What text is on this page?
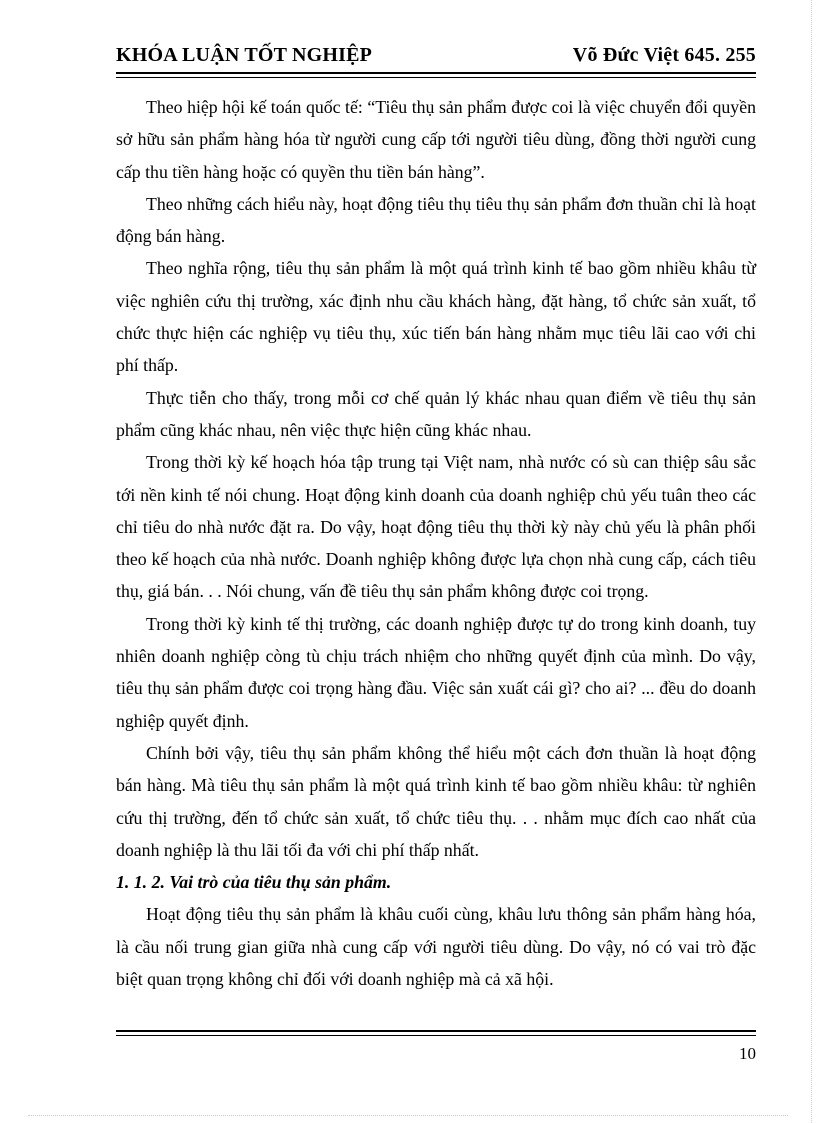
KHÓA LUẬN TỐT NGHIỆP	Võ Đức Việt 645. 255

Theo hiệp hội kế toán quốc tế: “Tiêu thụ sản phẩm được coi là việc chuyển đổi quyền sở hữu sản phẩm hàng hóa từ người cung cấp tới người tiêu dùng, đồng thời người cung cấp thu tiền hàng hoặc có quyền thu tiền bán hàng”.

Theo những cách hiểu này, hoạt động tiêu thụ tiêu thụ sản phẩm đơn thuần chỉ là hoạt động bán hàng.

Theo nghĩa rộng, tiêu thụ sản phẩm là một quá trình kinh tế bao gồm nhiều khâu từ việc nghiên cứu thị trường, xác định nhu cầu khách hàng, đặt hàng, tổ chức sản xuất, tổ chức thực hiện các nghiệp vụ tiêu thụ, xúc tiến bán hàng nhằm mục tiêu lãi cao với chi phí thấp.

Thực tiễn cho thấy, trong mỗi cơ chế quản lý khác nhau quan điểm về tiêu thụ sản phẩm cũng khác nhau, nên việc thực hiện cũng khác nhau.

Trong thời kỳ kế hoạch hóa tập trung tại Việt nam, nhà nước có sù can thiệp sâu sắc tới nền kinh tế nói chung. Hoạt động kinh doanh của doanh nghiệp chủ yếu tuân theo các chỉ tiêu do nhà nước đặt ra. Do vậy, hoạt động tiêu thụ thời kỳ này chủ yếu là phân phối theo kế hoạch của nhà nước. Doanh nghiệp không được lựa chọn nhà cung cấp, cách tiêu thụ, giá bán. . . Nói chung, vấn đề tiêu thụ sản phẩm không được coi trọng.

Trong thời kỳ kinh tế thị trường, các doanh nghiệp được tự do trong kinh doanh, tuy nhiên doanh nghiệp còng tù chịu trách nhiệm cho những quyết định của mình. Do vậy, tiêu thụ sản phẩm được coi trọng hàng đầu. Việc sản xuất cái gì? cho ai? ... đều do doanh nghiệp quyết định.

Chính bởi vậy, tiêu thụ sản phẩm không thể hiểu một cách đơn thuần là hoạt động bán hàng. Mà tiêu thụ sản phẩm là một quá trình kinh tế bao gồm nhiều khâu: từ nghiên cứu thị trường, đến tổ chức sản xuất, tổ chức tiêu thụ. . . nhằm mục đích cao nhất của doanh nghiệp là thu lãi tối đa với chi phí thấp nhất.

1. 1. 2. Vai trò của tiêu thụ sản phẩm.

Hoạt động tiêu thụ sản phẩm là khâu cuối cùng, khâu lưu thông sản phẩm hàng hóa, là cầu nối trung gian giữa nhà cung cấp với người tiêu dùng. Do vậy, nó có vai trò đặc biệt quan trọng không chỉ đối với doanh nghiệp mà cả xã hội.

10
